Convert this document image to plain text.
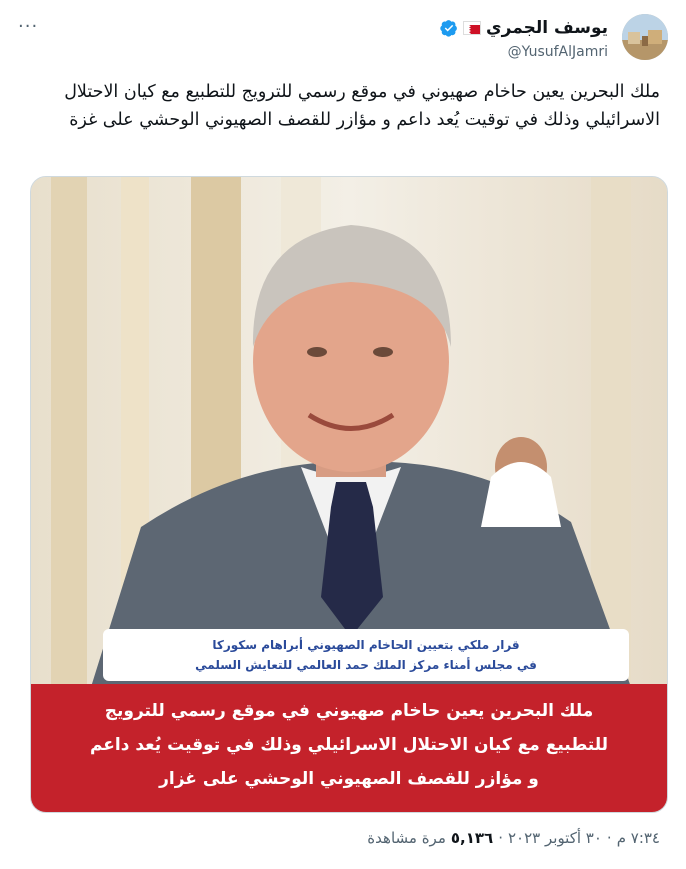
يوسف الجمري
@YusufAlJamri
···
ملك البحرين يعين حاخام صهيوني في موقع رسمي للترويج للتطبيع مع كيان الاحتلال الاسرائيلي وذلك في توقيت يُعد داعم و مؤازر للقصف الصهيوني الوحشي على غزة
قرار ملكي بتعيين الحاخام الصهيوني أبراهام سكوركا
في مجلس أمناء مركز الملك حمد العالمي للتعايش السلمي
ملك البحرين يعين حاخام صهيوني في موقع رسمي للترويج
للتطبيع مع كيان الاحتلال الاسرائيلي وذلك في توقيت يُعد داعم
و مؤازر للقصف الصهيوني الوحشي على غزار
٧:٣٤ م
·
٣٠ أكتوبر ٢٠٢٣
·
٥,١٣٦
مرة مشاهدة
